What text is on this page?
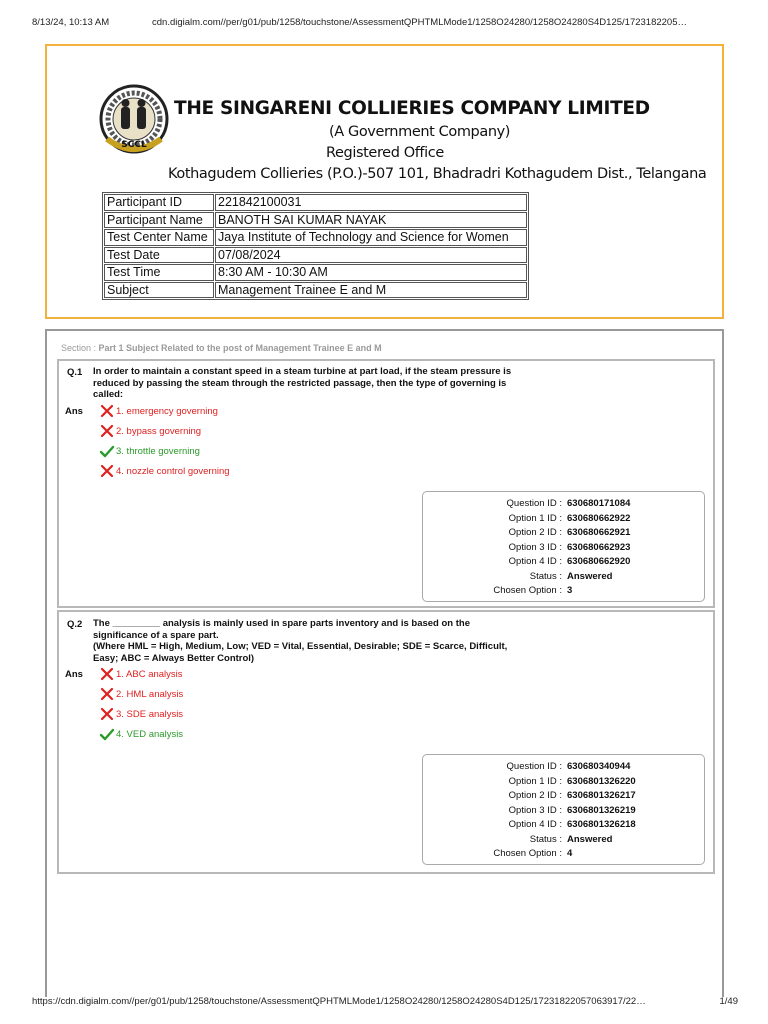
8/13/24, 10:13 AM	cdn.digialm.com//per/g01/pub/1258/touchstone/AssessmentQPHTMLMode1/1258O24280/1258O24280S4D125/1723182205…
SCCL
THE SINGARENI COLLIERIES COMPANY LIMITED
(A Government Company)
Registered Office
Kothagudem Collieries (P.O.)-507 101, Bhadradri Kothagudem Dist., Telangana
Participant ID	221842100031
Participant Name	BANOTH SAI KUMAR NAYAK
Test Center Name	Jaya Institute of Technology and Science for Women
Test Date	07/08/2024
Test Time	8:30 AM - 10:30 AM
Subject	Management Trainee E and M
Section : Part 1 Subject Related to the post of Management Trainee E and M
Q.1 In order to maintain a constant speed in a steam turbine at part load, if the steam pressure is reduced by passing the steam through the restricted passage, then the type of governing is called:
Ans	1. emergency governing
2. bypass governing
3. throttle governing
4. nozzle control governing
Question ID : 630680171084
Option 1 ID : 630680662922
Option 2 ID : 630680662921
Option 3 ID : 630680662923
Option 4 ID : 630680662920
Status : Answered
Chosen Option : 3
Q.2 The _________ analysis is mainly used in spare parts inventory and is based on the significance of a spare part.
(Where HML = High, Medium, Low; VED = Vital, Essential, Desirable; SDE = Scarce, Difficult, Easy; ABC = Always Better Control)
Ans	1. ABC analysis
2. HML analysis
3. SDE analysis
4. VED analysis
Question ID : 630680340944
Option 1 ID : 6306801326220
Option 2 ID : 6306801326217
Option 3 ID : 6306801326219
Option 4 ID : 6306801326218
Status : Answered
Chosen Option : 4
https://cdn.digialm.com//per/g01/pub/1258/touchstone/AssessmentQPHTMLMode1/1258O24280/1258O24280S4D125/17231822057063917/22…	1/49
